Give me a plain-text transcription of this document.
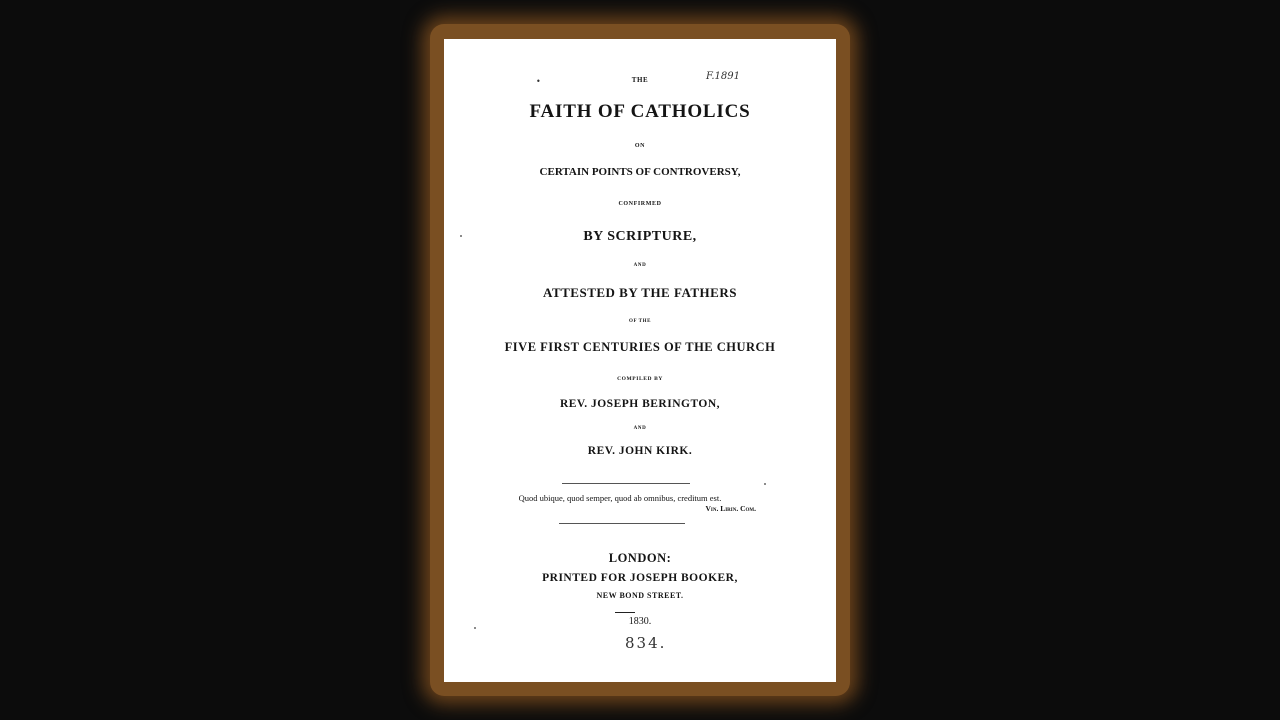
•	F.1891
THE
FAITH OF CATHOLICS
ON
CERTAIN POINTS OF CONTROVERSY,
CONFIRMED
BY SCRIPTURE,
AND
ATTESTED BY THE FATHERS
OF THE
FIVE FIRST CENTURIES OF THE CHURCH
COMPILED BY
REV. JOSEPH BERINGTON,
AND
REV. JOHN KIRK.
Quod ubique, quod semper, quod ab omnibus, creditum est.
Vin. Lirin. Com.
LONDON:
PRINTED FOR JOSEPH BOOKER,
NEW BOND STREET.
1830.
834.
